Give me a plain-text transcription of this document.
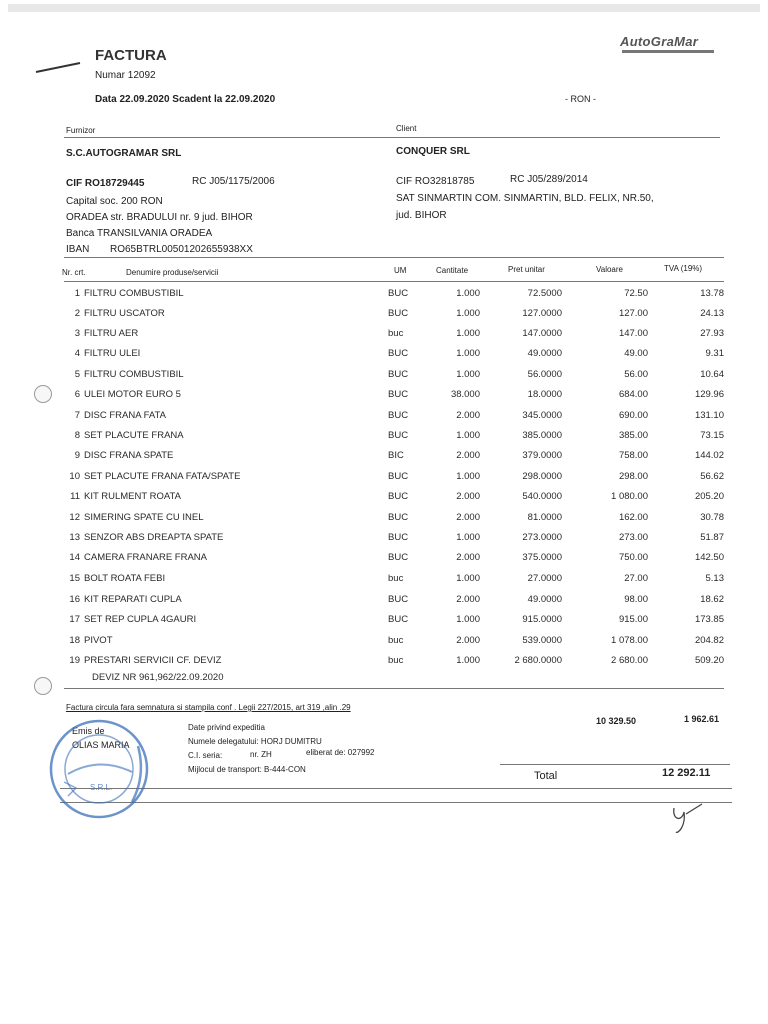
FACTURA
Numar 12092
Data 22.09.2020 Scadent la 22.09.2020	- RON -
AutoGraMar
Furnizor	Client
S.C.AUTOGRAMAR SRL	CONQUER SRL
CIF RO18729445	RC J05/1175/2006
Capital soc. 200 RON
ORADEA str. BRADULUI nr. 9 jud. BIHOR
Banca TRANSILVANIA ORADEA
IBAN RO65BTRL00501202655938XX
CIF RO32818785	RC J05/289/2014
SAT SINMARTIN COM. SINMARTIN, BLD. FELIX, NR.50,
jud. BIHOR
Nr. crt.	Denumire produse/servicii	UM	Cantitate	Pret unitar	Valoare	TVA (19%)
1 FILTRU COMBUSTIBIL	BUC	1.000	72.5000	72.50	13.78
2 FILTRU USCATOR	BUC	1.000	127.0000	127.00	24.13
3 FILTRU AER	buc	1.000	147.0000	147.00	27.93
4 FILTRU ULEI	BUC	1.000	49.0000	49.00	9.31
5 FILTRU COMBUSTIBIL	BUC	1.000	56.0000	56.00	10.64
6 ULEI MOTOR EURO 5	BUC	38.000	18.0000	684.00	129.96
7 DISC FRANA FATA	BUC	2.000	345.0000	690.00	131.10
8 SET PLACUTE FRANA	BUC	1.000	385.0000	385.00	73.15
9 DISC FRANA SPATE	BIC	2.000	379.0000	758.00	144.02
10 SET PLACUTE FRANA FATA/SPATE	BUC	1.000	298.0000	298.00	56.62
11 KIT RULMENT ROATA	BUC	2.000	540.0000	1 080.00	205.20
12 SIMERING SPATE CU INEL	BUC	2.000	81.0000	162.00	30.78
13 SENZOR ABS DREAPTA SPATE	BUC	1.000	273.0000	273.00	51.87
14 CAMERA FRANARE FRANA	BUC	2.000	375.0000	750.00	142.50
15 BOLT ROATA FEBI	buc	1.000	27.0000	27.00	5.13
16 KIT REPARATI CUPLA	BUC	2.000	49.0000	98.00	18.62
17 SET REP CUPLA 4GAURI	BUC	1.000	915.0000	915.00	173.85
18 PIVOT	buc	2.000	539.0000	1 078.00	204.82
19 PRESTARI SERVICII CF. DEVIZ	buc	1.000	2 680.0000	2 680.00	509.20
DEVIZ NR 961,962/22.09.2020
Factura circula fara semnatura si stampila conf . Legii 227/2015, art 319 ,alin .29
10 329.50	1 962.61
Emis de
OLIAS MARIA
Date privind expeditia
Numele delegatului: HORJ DUMITRU
C.I. seria:	nr. ZH	eliberat de: 027992
Mijlocul de transport: B-444-CON
Total	12 292.11
S.R.L.
